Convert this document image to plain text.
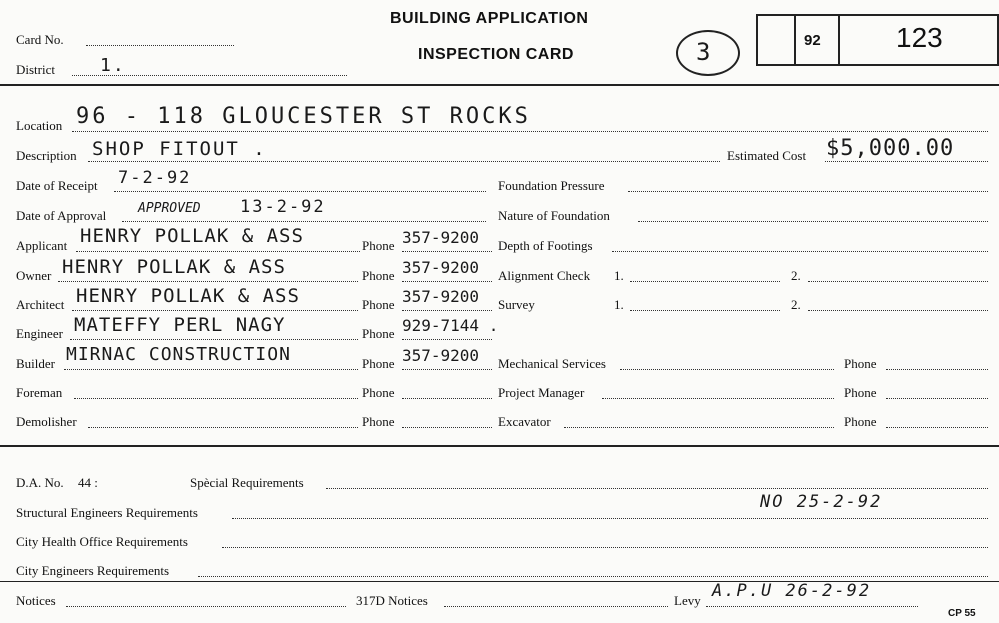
Card No.
District	1.
BUILDING APPLICATION
INSPECTION CARD	3	92	123
Location 96 - 118 GLOUCESTER ST ROCKS
Description SHOP FITOUT .	Estimated Cost $5,000.00
Date of Receipt 7-2-92
Date of Approval APPROVED 13-2-92
Applicant HENRY POLLAK & ASS	Phone 357-9200
Owner HENRY POLLAK & ASS	Phone 357-9200
Architect HENRY POLLAK & ASS	Phone 357-9200
Engineer MATEFFY PERL NAGY	Phone 929-7144 .
Builder MIRNAC CONSTRUCTION	Phone 357-9200
Foreman	Phone
Demolisher	Phone
Foundation Pressure
Nature of Foundation
Depth of Footings
Alignment Check 1.	2.
Survey	1.	2.
Mechanical Services	Phone
Project Manager	Phone
Excavator	Phone
D.A. No. 44 :	Spècial Requirements
Structural Engineers Requirements
NO 25-2-92
City Health Office Requirements
City Engineers Requirements
Notices	317D Notices	Levy A.P.U 26-2-92
CP 55
